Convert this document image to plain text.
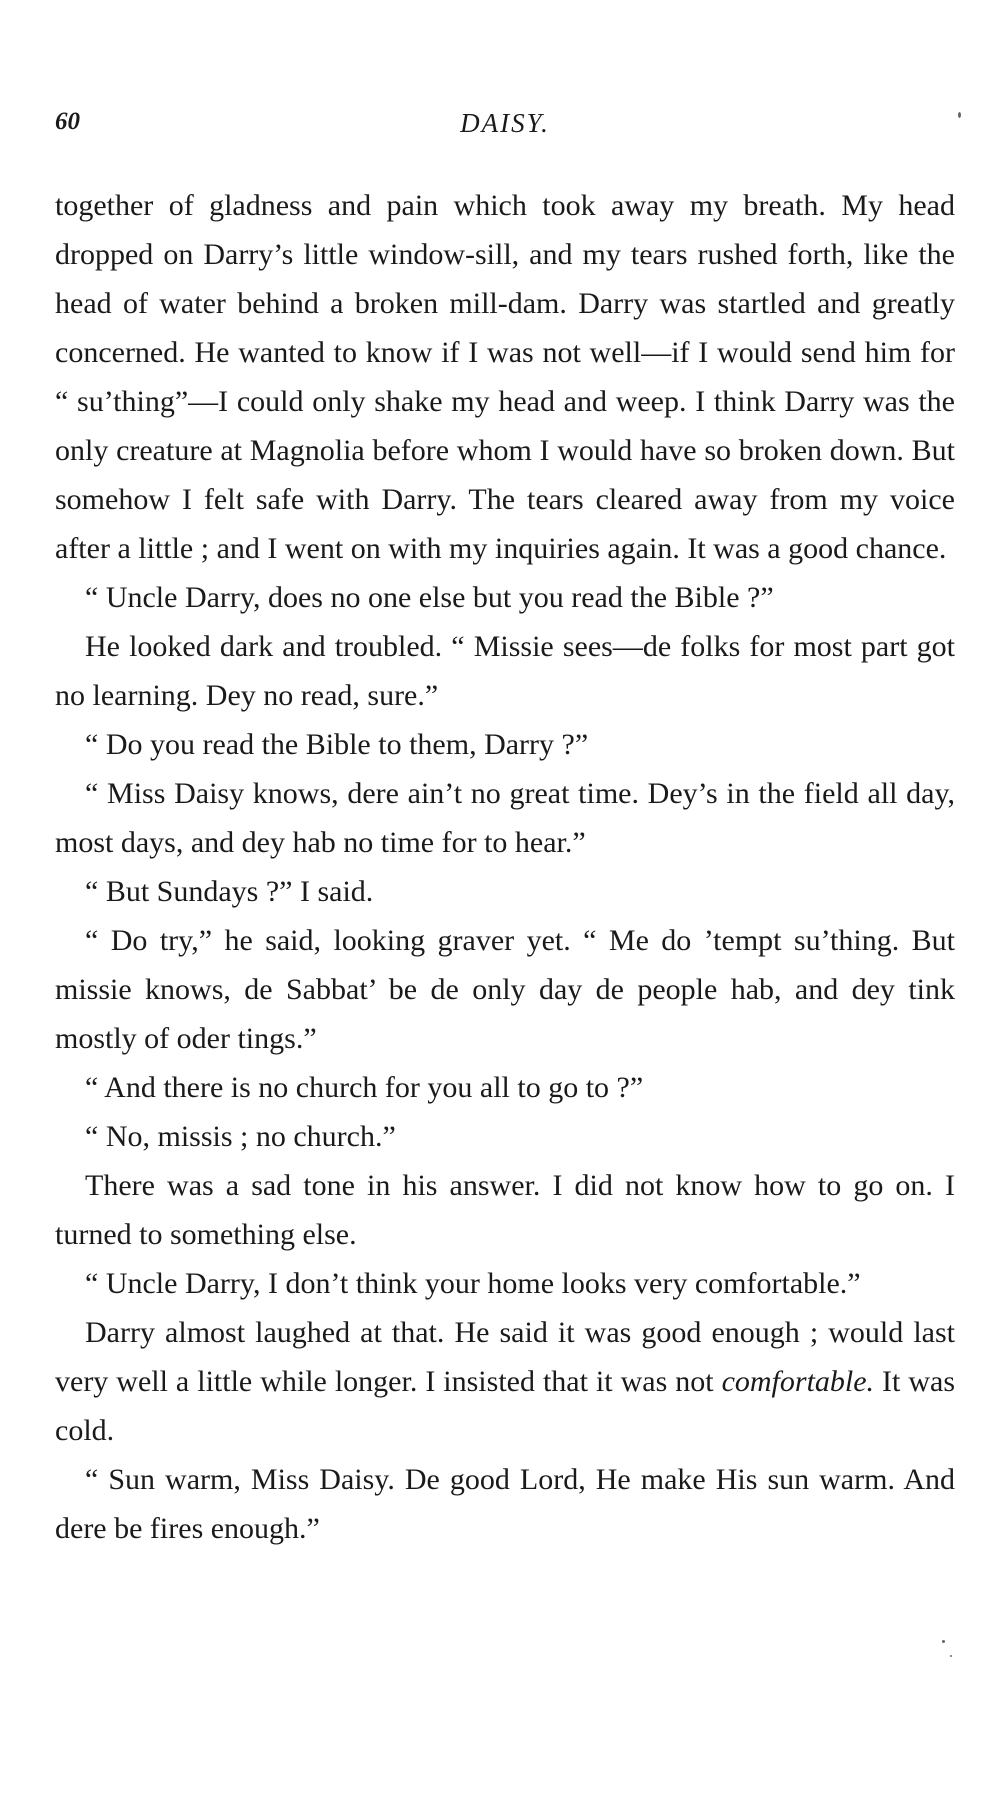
60	DAISY.

together of gladness and pain which took away my breath. My head dropped on Darry’s little window-sill, and my tears rushed forth, like the head of water behind a broken mill-dam. Darry was startled and greatly concerned. He wanted to know if I was not well—if I would send him for “ su’thing”—I could only shake my head and weep. I think Darry was the only creature at Magnolia before whom I would have so broken down. But somehow I felt safe with Darry. The tears cleared away from my voice after a little ; and I went on with my inquiries again. It was a good chance.

“ Uncle Darry, does no one else but you read the Bible ?”

He looked dark and troubled. “ Missie sees—de folks for most part got no learning. Dey no read, sure.”

“ Do you read the Bible to them, Darry ?”

“ Miss Daisy knows, dere ain’t no great time. Dey’s in the field all day, most days, and dey hab no time for to hear.”

“ But Sundays ?” I said.

“ Do try,” he said, looking graver yet. “ Me do ’tempt su’thing. But missie knows, de Sabbat’ be de only day de people hab, and dey tink mostly of oder tings.”

“ And there is no church for you all to go to ?”

“ No, missis ; no church.”

There was a sad tone in his answer. I did not know how to go on. I turned to something else.

“ Uncle Darry, I don’t think your home looks very comfortable.”

Darry almost laughed at that. He said it was good enough ; would last very well a little while longer. I insisted that it was not comfortable. It was cold.

“ Sun warm, Miss Daisy. De good Lord, He make His sun warm. And dere be fires enough.”
